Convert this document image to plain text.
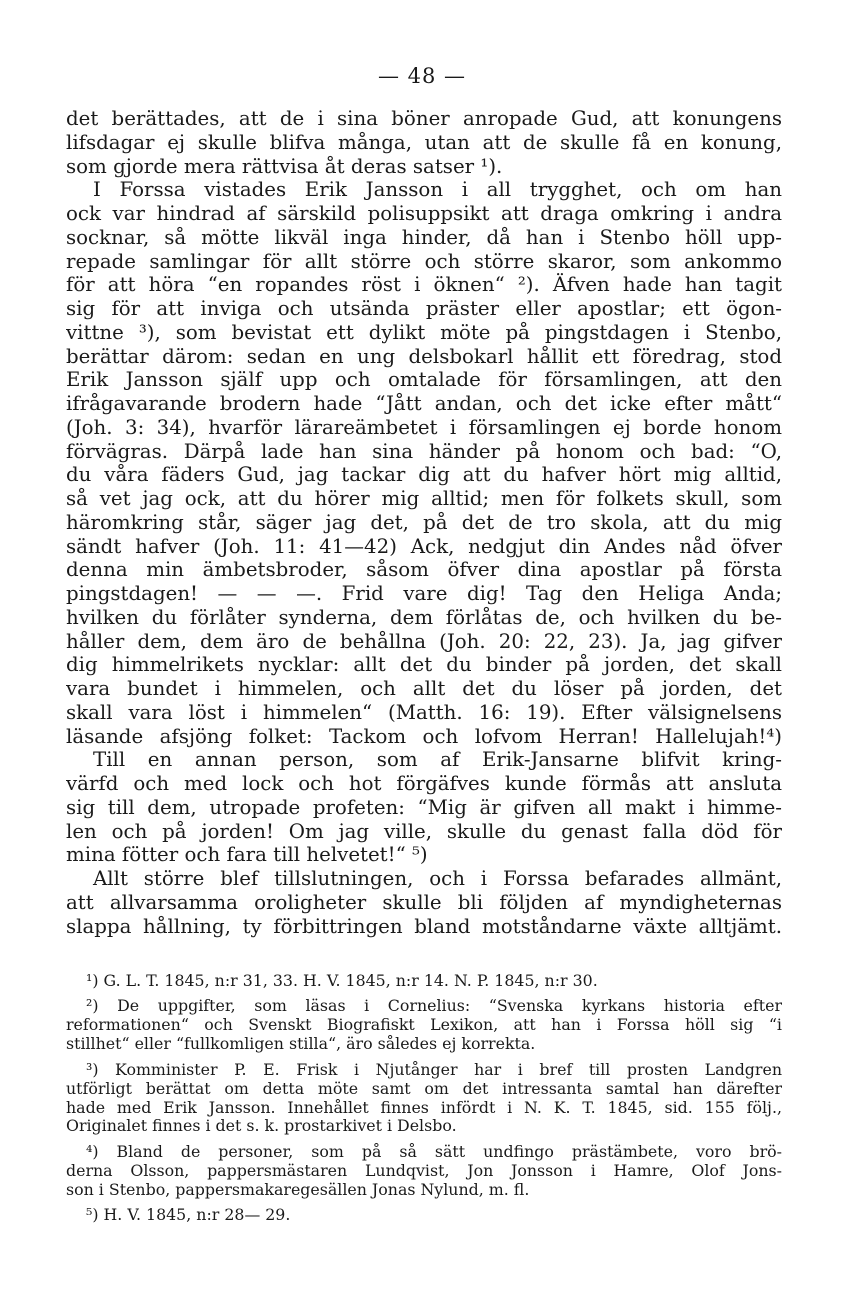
— 48 —
det berättades, att de i sina böner anropade Gud, att konungens
lifsdagar ej skulle blifva många, utan att de skulle få en konung,
som gjorde mera rättvisa åt deras satser ¹).
I Forssa vistades Erik Jansson i all trygghet, och om han
ock var hindrad af särskild polisuppsikt att draga omkring i andra
socknar, så mötte likväl inga hinder, då han i Stenbo höll upp-
repade samlingar för allt större och större skaror, som ankommo
för att höra “en ropandes röst i öknen“ ²). Äfven hade han tagit
sig för att inviga och utsända präster eller apostlar; ett ögon-
vittne ³), som bevistat ett dylikt möte på pingstdagen i Stenbo,
berättar därom: sedan en ung delsbokarl hållit ett föredrag, stod
Erik Jansson själf upp och omtalade för församlingen, att den
ifrågavarande brodern hade “Jått andan, och det icke efter mått“
(Joh. 3: 34), hvarför lärareämbetet i församlingen ej borde honom
förvägras. Därpå lade han sina händer på honom och bad: “O,
du våra fäders Gud, jag tackar dig att du hafver hört mig alltid,
så vet jag ock, att du hörer mig alltid; men för folkets skull, som
häromkring står, säger jag det, på det de tro skola, att du mig
sändt hafver (Joh. 11: 41—42) Ack, nedgjut din Andes nåd öfver
denna min ämbetsbroder, såsom öfver dina apostlar på första
pingstdagen! — — —. Frid vare dig! Tag den Heliga Anda;
hvilken du förlåter synderna, dem förlåtas de, och hvilken du be-
håller dem, dem äro de behållna (Joh. 20: 22, 23). Ja, jag gifver
dig himmelrikets nycklar: allt det du binder på jorden, det skall
vara bundet i himmelen, och allt det du löser på jorden, det
skall vara löst i himmelen“ (Matth. 16: 19). Efter välsignelsens
läsande afsjöng folket: Tackom och lofvom Herran! Hallelujah!⁴)
Till en annan person, som af Erik-Jansarne blifvit kring-
värfd och med lock och hot förgäfves kunde förmås att ansluta
sig till dem, utropade profeten: “Mig är gifven all makt i himme-
len och på jorden! Om jag ville, skulle du genast falla död för
mina fötter och fara till helvetet!“ ⁵)
Allt större blef tillslutningen, och i Forssa befarades allmänt,
att allvarsamma oroligheter skulle bli följden af myndigheternas
slappa hållning, ty förbittringen bland motståndarne växte alltjämt.
¹) G. L. T. 1845, n:r 31, 33. H. V. 1845, n:r 14. N. P. 1845, n:r 30.
²) De uppgifter, som läsas i Cornelius: “Svenska kyrkans historia efter
reformationen“ och Svenskt Biografiskt Lexikon, att han i Forssa höll sig “i
stillhet“ eller “fullkomligen stilla“, äro således ej korrekta.
³) Komminister P. E. Frisk i Njutånger har i bref till prosten Landgren
utförligt berättat om detta möte samt om det intressanta samtal han därefter
hade med Erik Jansson. Innehållet finnes infördt i N. K. T. 1845, sid. 155 följ.,
Originalet finnes i det s. k. prostarkivet i Delsbo.
⁴) Bland de personer, som på så sätt undfingo prästämbete, voro brö-
derna Olsson, pappersmästaren Lundqvist, Jon Jonsson i Hamre, Olof Jons-
son i Stenbo, pappersmakaregesällen Jonas Nylund, m. fl.
⁵) H. V. 1845, n:r 28— 29.
